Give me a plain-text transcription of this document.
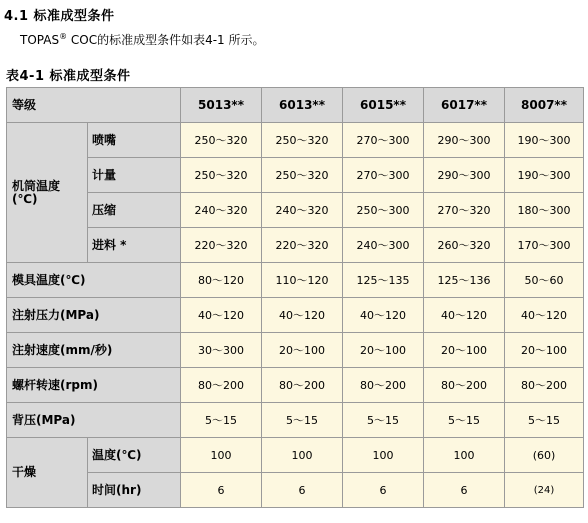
4.1 标准成型条件
TOPAS® COC的标准成型条件如表4-1 所示。
表4-1 标准成型条件
等级		5013**	6013**	6015**	6017**	8007**
机筒温度
(℃)	喷嘴	250～320	250～320	270～300	290～300	190～300
	计量	250～320	250～320	270～300	290～300	190～300
	压缩	240～320	240～320	250～300	270～320	180～300
	进料 *	220～320	220～320	240～300	260～320	170～300
模具温度(℃)		80～120	110～120	125～135	125～136	50～60
注射压力(MPa)		40～120	40～120	40～120	40～120	40～120
注射速度(mm/秒)		30～300	20～100	20～100	20～100	20～100
螺杆转速(rpm)		80～200	80～200	80～200	80～200	80～200
背压(MPa)		5～15	5～15	5～15	5～15	5～15
干燥	温度(℃)	100	100	100	100	(60)
	时间(hr)	6	6	6	6	(24)
